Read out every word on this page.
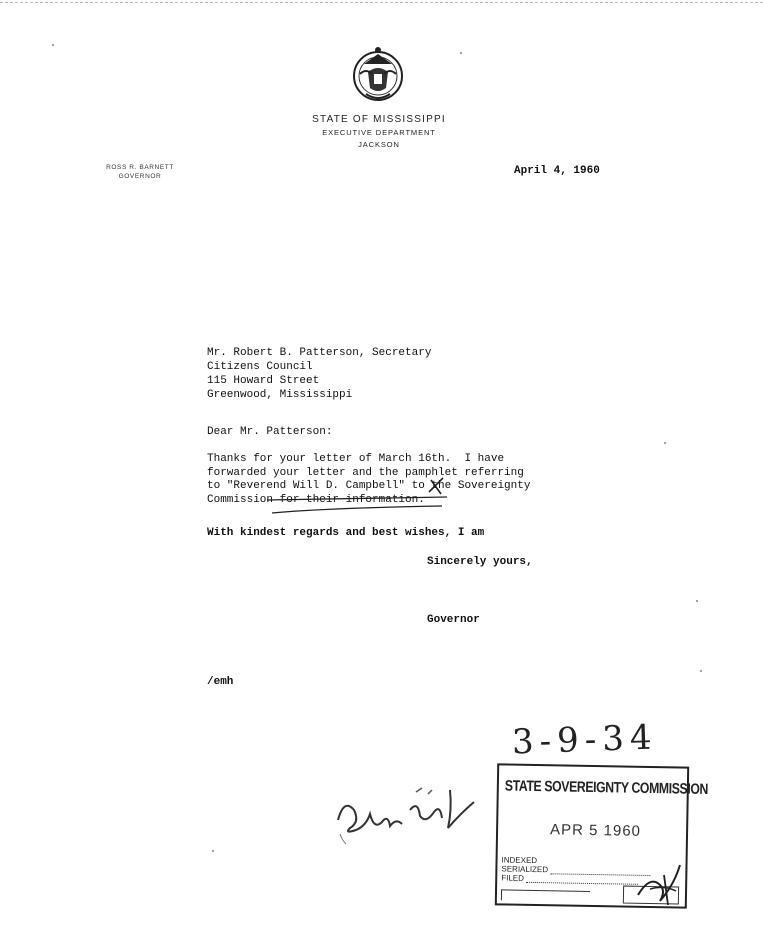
STATE OF MISSISSIPPI
EXECUTIVE DEPARTMENT
JACKSON
ROSS R. BARNETT
GOVERNOR	April 4, 1960
Mr. Robert B. Patterson, Secretary
Citizens Council
115 Howard Street
Greenwood, Mississippi
Dear Mr. Patterson:
Thanks for your letter of March 16th.  I have
forwarded your letter and the pamphlet referring
to "Reverend Will D. Campbell" to the Sovereignty
Commission for their information.
With kindest regards and best wishes, I am
Sincerely yours,
Governor
/emh
3-9-34
STATE SOVEREIGNTY COMMISSION
APR 5 1960
INDEXED
SERIALIZED
FILED
